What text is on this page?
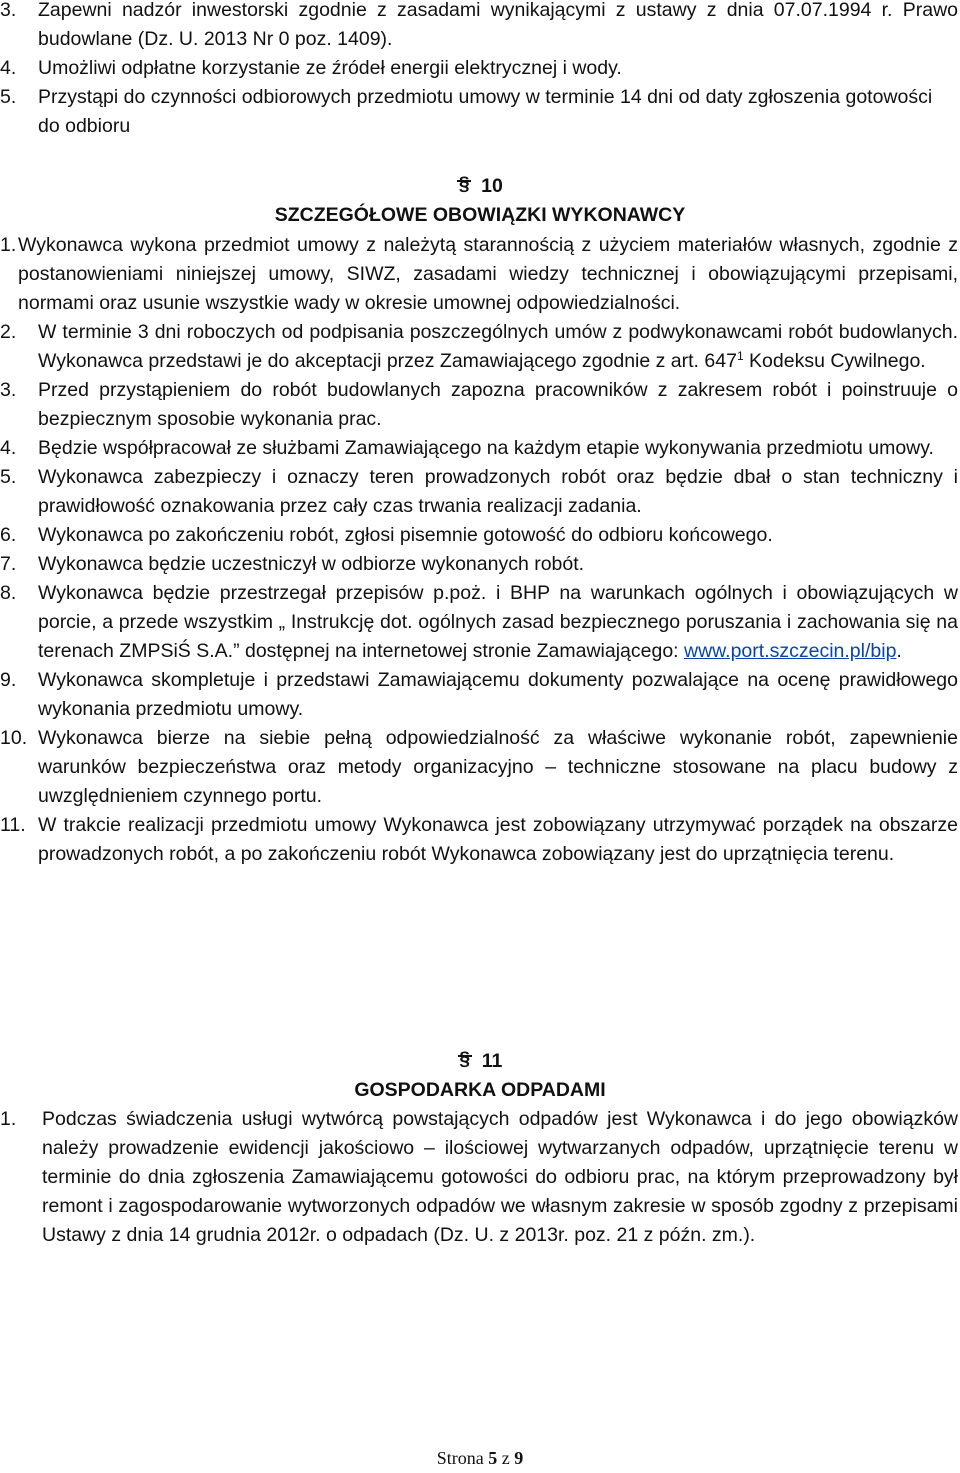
3.	Zapewni nadzór inwestorski zgodnie z zasadami wynikającymi z ustawy z dnia 07.07.1994 r. Prawo budowlane (Dz. U. 2013 Nr 0 poz. 1409).
4.	Umożliwi odpłatne korzystanie ze źródeł energii elektrycznej i wody.
5.	Przystąpi do czynności odbiorowych przedmiotu umowy w terminie 14 dni od daty zgłoszenia gotowości do odbioru
§ 10
SZCZEGÓŁOWE OBOWIĄZKI WYKONAWCY
1. Wykonawca wykona przedmiot umowy z należytą starannością z użyciem materiałów własnych, zgodnie z postanowieniami niniejszej umowy, SIWZ, zasadami wiedzy technicznej i obowiązującymi przepisami, normami oraz usunie wszystkie wady w okresie umownej odpowiedzialności.
2.	W terminie 3 dni roboczych od podpisania poszczególnych umów z podwykonawcami robót budowlanych. Wykonawca przedstawi je do akceptacji przez Zamawiającego zgodnie z art. $647^1$ Kodeksu Cywilnego.
3.	Przed przystąpieniem do robót budowlanych zapozna pracowników z zakresem robót i poinstruuje o bezpiecznym sposobie wykonania prac.
4.	Będzie współpracował ze służbami Zamawiającego na każdym etapie wykonywania przedmiotu umowy.
5.	Wykonawca zabezpieczy i oznaczy teren prowadzonych robót oraz będzie dbał o stan techniczny i prawidłowość oznakowania przez cały czas trwania realizacji zadania.
6.	Wykonawca po zakończeniu robót, zgłosi pisemnie gotowość do odbioru końcowego.
7.	Wykonawca będzie uczestniczył w odbiorze wykonanych robót.
8.	Wykonawca będzie przestrzegał przepisów p.poż. i BHP na warunkach ogólnych i obowiązujących w porcie, a przede wszystkim „ Instrukcję dot. ogólnych zasad bezpiecznego poruszania i zachowania się na terenach ZMPSiŚ S.A.” dostępnej na internetowej stronie Zamawiającego: www.port.szczecin.pl/bip.
9.	Wykonawca skompletuje i przedstawi Zamawiającemu dokumenty pozwalające na ocenę prawidłowego wykonania przedmiotu umowy.
10. Wykonawca bierze na siebie pełną odpowiedzialność za właściwe wykonanie robót, zapewnienie warunków bezpieczeństwa oraz metody organizacyjno – techniczne stosowane na placu budowy z uwzględnieniem czynnego portu.
11. W trakcie realizacji przedmiotu umowy Wykonawca jest zobowiązany utrzymywać porządek na obszarze prowadzonych robót, a po zakończeniu robót Wykonawca zobowiązany jest do uprzątnięcia terenu.
§ 11
GOSPODARKA ODPADAMI
1.	Podczas świadczenia usługi wytwórcą powstających odpadów jest Wykonawca i do jego obowiązków należy prowadzenie ewidencji jakościowo – ilościowej wytwarzanych odpadów, uprzątnięcie terenu w terminie do dnia zgłoszenia Zamawiającemu gotowości do odbioru prac, na którym przeprowadzony był remont i zagospodarowanie wytworzonych odpadów we własnym zakresie w sposób zgodny z przepisami Ustawy z dnia 14 grudnia 2012r. o odpadach (Dz. U. z 2013r. poz. 21 z późn. zm.).
Strona 5 z 9
